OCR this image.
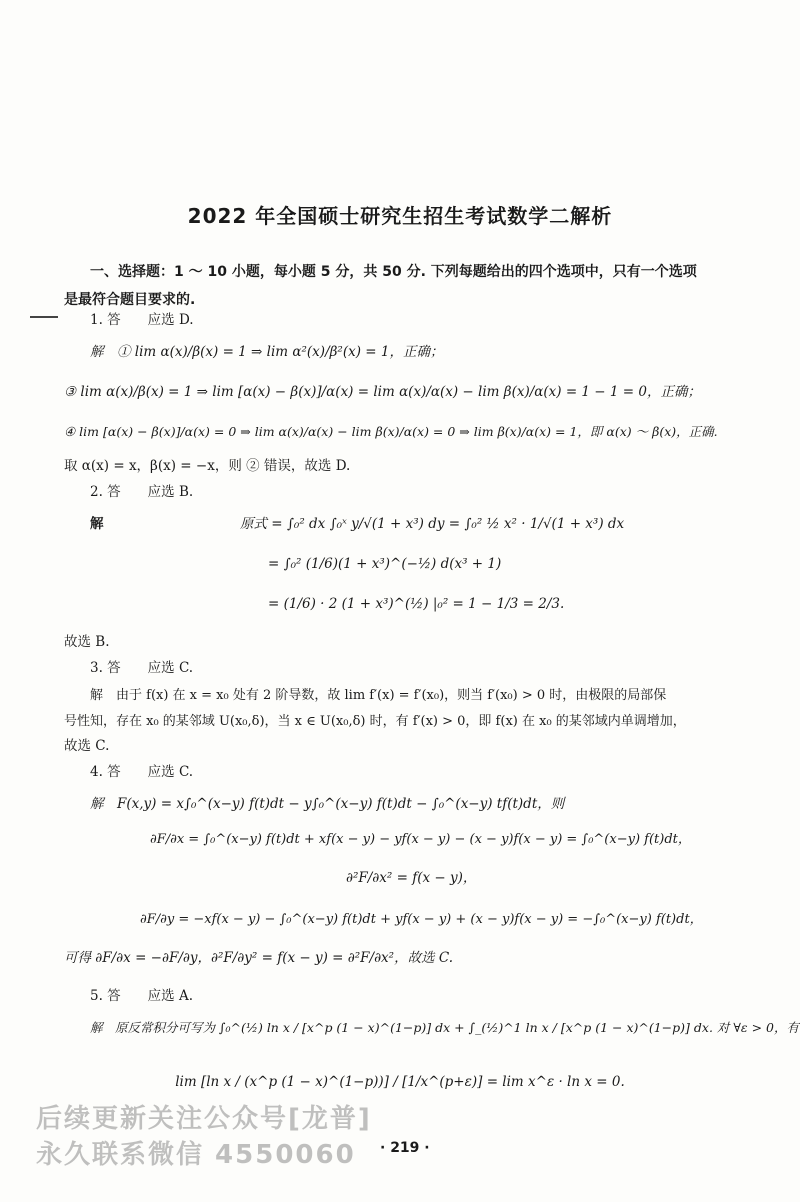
2022 年全国硕士研究生招生考试数学二解析
一、选择题：1 ～ 10 小题，每小题 5 分，共 50 分. 下列每题给出的四个选项中，只有一个选项
是最符合题目要求的.
1. 答　　应选 D.
解　① lim α(x)/β(x) = 1 ⇒ lim α²(x)/β²(x) = 1，正确；
③ lim α(x)/β(x) = 1 ⇒ lim [α(x) − β(x)]/α(x) = lim α(x)/α(x) − lim β(x)/α(x) = 1 − 1 = 0，正确；
④ lim [α(x) − β(x)]/α(x) = 0 ⇒ lim α(x)/α(x) − lim β(x)/α(x) = 0 ⇒ lim β(x)/α(x) = 1，即 α(x) ～ β(x)，正确.
取 α(x) = x，β(x) = −x，则 ② 错误，故选 D.
2. 答　　应选 B.
解	原式 = ∫₀² dx ∫₀ˣ y/√(1 + x³) dy = ∫₀² ½ x² · 1/√(1 + x³) dx
= ∫₀² (1/6)(1 + x³)^(−½) d(x³ + 1)
= (1/6) · 2 (1 + x³)^(½) |₀² = 1 − 1/3 = 2/3.
故选 B.
3. 答　　应选 C.
解　由于 f(x) 在 x = x₀ 处有 2 阶导数，故 lim f′(x) = f′(x₀)，则当 f′(x₀) > 0 时，由极限的局部保
号性知，存在 x₀ 的某邻域 U(x₀,δ)，当 x ∈ U(x₀,δ) 时，有 f′(x) > 0，即 f(x) 在 x₀ 的某邻域内单调增加，
故选 C.
4. 答　　应选 C.
解　F(x,y) = x∫₀^(x−y) f(t)dt − y∫₀^(x−y) f(t)dt − ∫₀^(x−y) tf(t)dt，则
∂F/∂x = ∫₀^(x−y) f(t)dt + xf(x − y) − yf(x − y) − (x − y)f(x − y) = ∫₀^(x−y) f(t)dt，
∂²F/∂x² = f(x − y)，
∂F/∂y = −xf(x − y) − ∫₀^(x−y) f(t)dt + yf(x − y) + (x − y)f(x − y) = −∫₀^(x−y) f(t)dt，
可得 ∂F/∂x = −∂F/∂y，∂²F/∂y² = f(x − y) = ∂²F/∂x²，故选 C.
5. 答　　应选 A.
解　原反常积分可写为 ∫₀^(½) ln x / [x^p (1 − x)^(1−p)] dx + ∫_(½)^1 ln x / [x^p (1 − x)^(1−p)] dx. 对 ∀ε > 0，有
lim [ln x / (x^p (1 − x)^(1−p))] / [1/x^(p+ε)] = lim x^ε · ln x = 0.
后续更新关注公众号[龙普]
永久联系微信 4550060 · 219 ·
